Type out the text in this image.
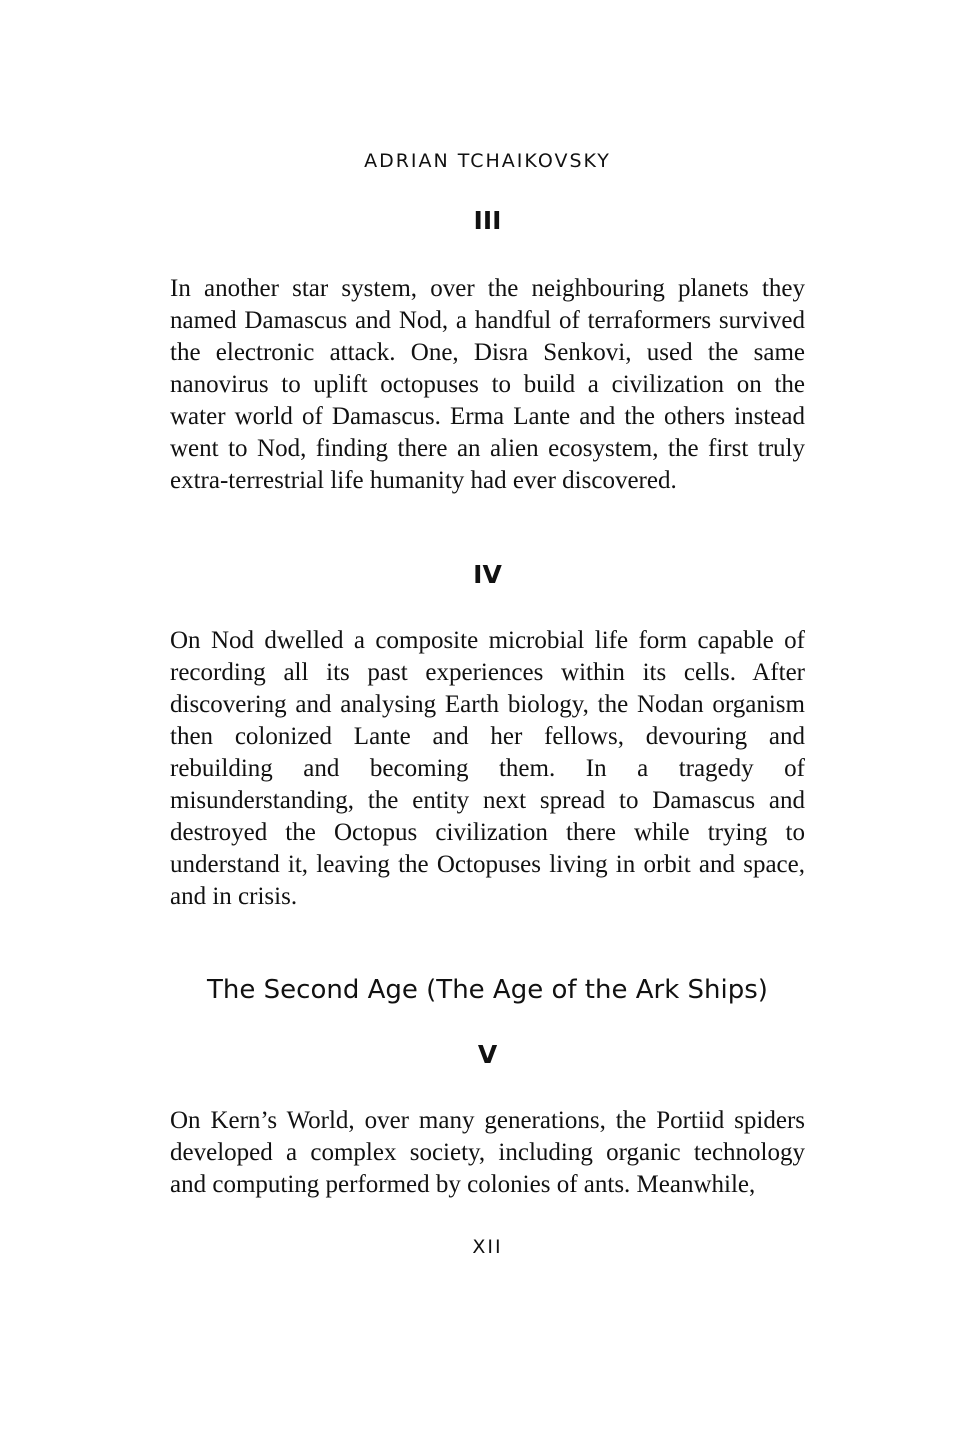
ADRIAN TCHAIKOVSKY
III

In another star system, over the neighbouring planets they named Damascus and Nod, a handful of terraformers survived the electronic attack. One, Disra Senkovi, used the same nanovirus to uplift octopuses to build a civilization on the water world of Damascus. Erma Lante and the others instead went to Nod, finding there an alien ecosystem, the first truly extra-terrestrial life humanity had ever discovered.

IV

On Nod dwelled a composite microbial life form capable of recording all its past experiences within its cells. After discovering and analysing Earth biology, the Nodan organism then colonized Lante and her fellows, devouring and rebuilding and becoming them. In a tragedy of misunderstanding, the entity next spread to Damascus and destroyed the Octopus civilization there while trying to understand it, leaving the Octopuses living in orbit and space, and in crisis.

The Second Age (The Age of the Ark Ships)
V

On Kern’s World, over many generations, the Portiid spiders developed a complex society, including organic technology and computing performed by colonies of ants. Meanwhile,

XII
